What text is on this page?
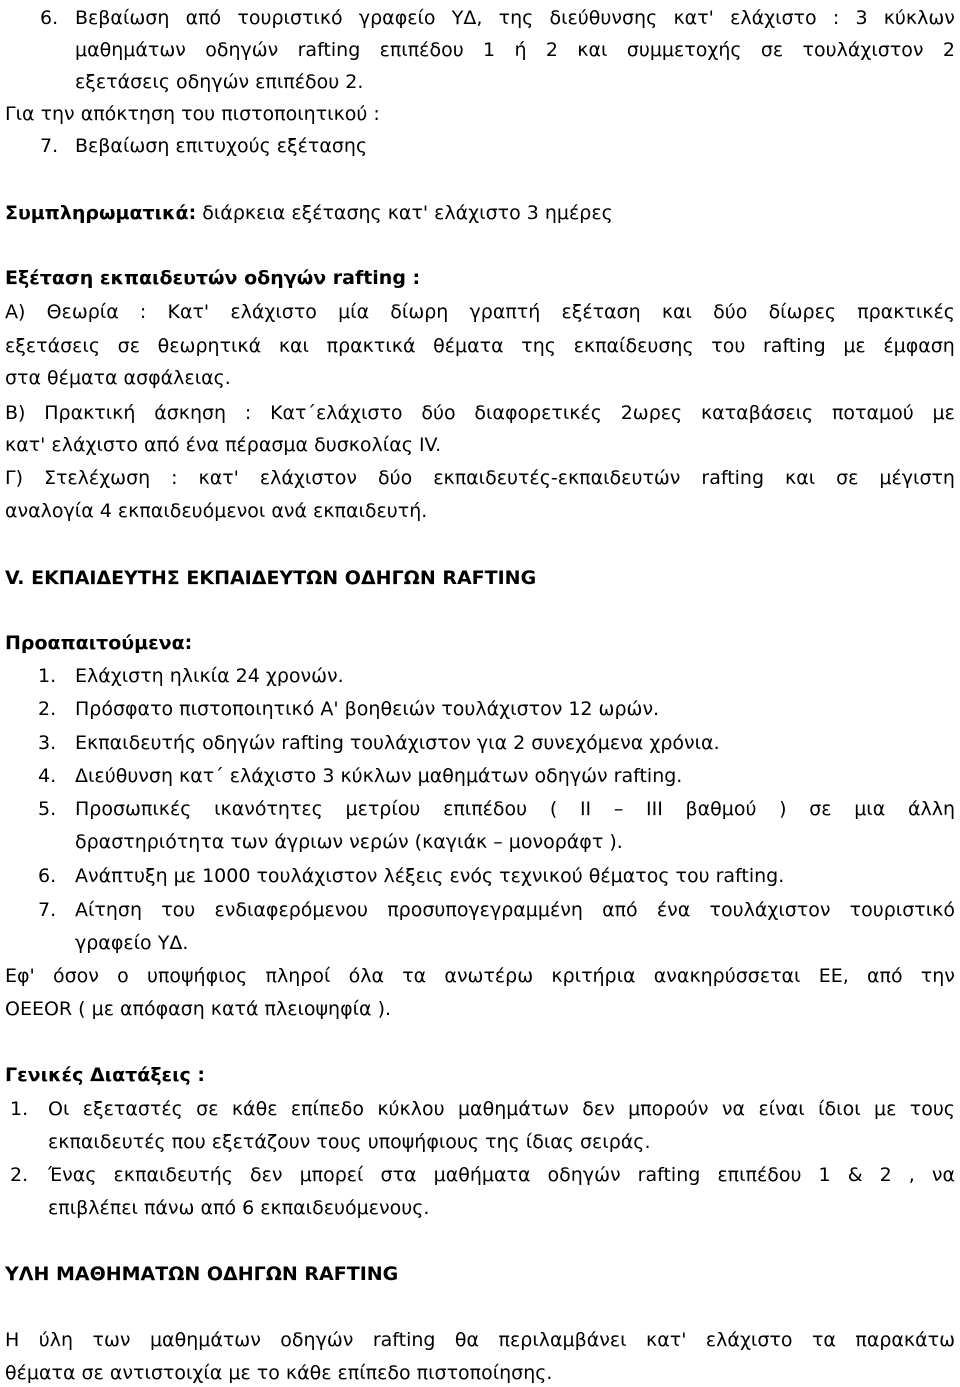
6. Βεβαίωση από τουριστικό γραφείο ΥΔ, της διεύθυνσης κατ' ελάχιστο : 3 κύκλων
μαθημάτων οδηγών rafting επιπέδου 1 ή 2 και συμμετοχής σε τουλάχιστον 2
εξετάσεις οδηγών επιπέδου 2.
Για την απόκτηση του πιστοποιητικού :
7. Βεβαίωση επιτυχούς εξέτασης
Συμπληρωματικά: διάρκεια εξέτασης κατ' ελάχιστο 3 ημέρες
Εξέταση εκπαιδευτών οδηγών rafting :
Α) Θεωρία : Κατ' ελάχιστο μία δίωρη γραπτή εξέταση και δύο δίωρες πρακτικές
εξετάσεις σε θεωρητικά και πρακτικά θέματα της εκπαίδευσης του rafting με έμφαση
στα θέματα ασφάλειας.
Β) Πρακτική άσκηση : Κατ΄ελάχιστο δύο διαφορετικές 2ωρες καταβάσεις ποταμού με
κατ' ελάχιστο από ένα πέρασμα δυσκολίας IV.
Γ) Στελέχωση : κατ' ελάχιστον δύο εκπαιδευτές-εκπαιδευτών rafting και σε μέγιστη
αναλογία 4 εκπαιδευόμενοι ανά εκπαιδευτή.
V. ΕΚΠΑΙΔΕΥΤΗΣ ΕΚΠΑΙΔΕΥΤΩΝ ΟΔΗΓΩΝ RAFTING
Προαπαιτούμενα:
1. Ελάχιστη ηλικία 24 χρονών.
2. Πρόσφατο πιστοποιητικό Α' βοηθειών τουλάχιστον 12 ωρών.
3. Εκπαιδευτής οδηγών rafting τουλάχιστον για 2 συνεχόμενα χρόνια.
4. Διεύθυνση κατ΄ ελάχιστο 3 κύκλων μαθημάτων οδηγών rafting.
5. Προσωπικές ικανότητες μετρίου επιπέδου ( ΙΙ – ΙΙΙ βαθμού ) σε μια άλλη
δραστηριότητα των άγριων νερών (καγιάκ – μονοράφτ ).
6. Ανάπτυξη με 1000 τουλάχιστον λέξεις ενός τεχνικού θέματος του rafting.
7. Αίτηση του ενδιαφερόμενου προσυπογεγραμμένη από ένα τουλάχιστον τουριστικό
γραφείο ΥΔ.
Εφ' όσον ο υποψήφιος πληροί όλα τα ανωτέρω κριτήρια ανακηρύσσεται ΕΕ, από την
ΟΕΕΟR ( με απόφαση κατά πλειοψηφία ).
Γενικές Διατάξεις :
1. Οι εξεταστές σε κάθε επίπεδο κύκλου μαθημάτων δεν μπορούν να είναι ίδιοι με τους
εκπαιδευτές που εξετάζουν τους υποψήφιους της ίδιας σειράς.
2. Ένας εκπαιδευτής δεν μπορεί στα μαθήματα οδηγών rafting επιπέδου 1 & 2 , να
επιβλέπει πάνω από 6 εκπαιδευόμενους.
ΥΛΗ ΜΑΘΗΜΑΤΩΝ ΟΔΗΓΩΝ RAFTING
Η ύλη των μαθημάτων οδηγών rafting θα περιλαμβάνει κατ' ελάχιστο τα παρακάτω
θέματα σε αντιστοιχία με το κάθε επίπεδο πιστοποίησης.
